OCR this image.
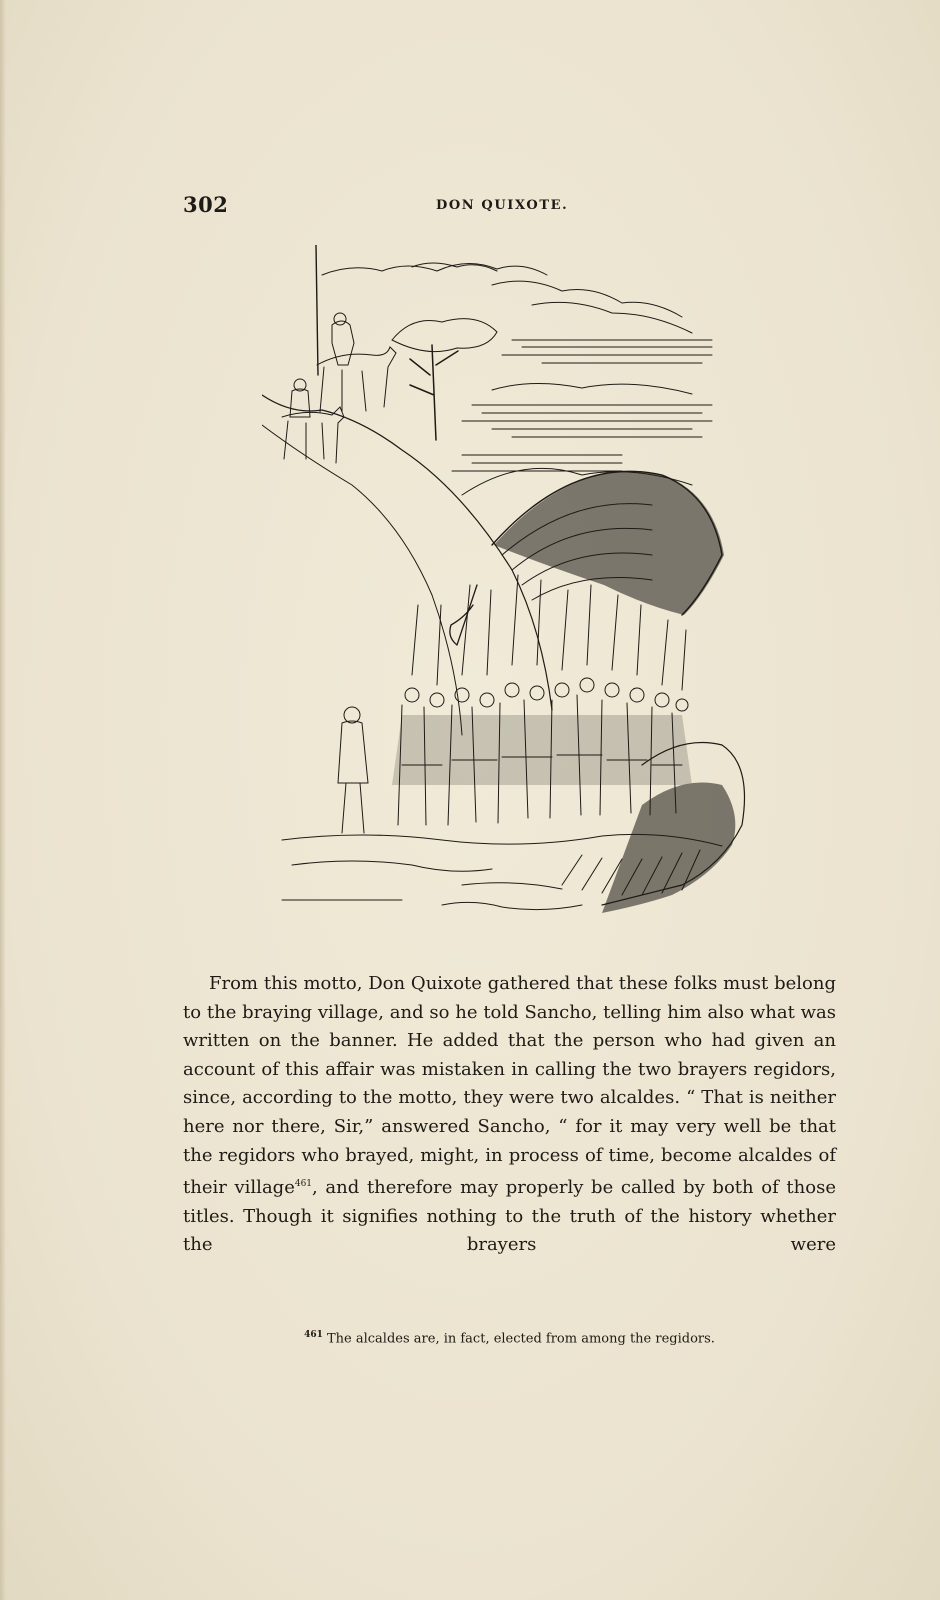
302	DON QUIXOTE.

From this motto, Don Quixote gathered that these folks must belong to the braying village, and so he told Sancho, telling him also what was written on the banner. He added that the person who had given an account of this affair was mistaken in calling the two brayers regidors, since, according to the motto, they were two alcaldes. “ That is neither here nor there, Sir,” answered Sancho, “ for it may very well be that the regidors who brayed, might, in process of time, become alcaldes of their village$^{461}$, and therefore may properly be called by both of those titles. Though it signifies nothing to the truth of the history whether the brayers were

$^{461}$ The alcaldes are, in fact, elected from among the regidors.
